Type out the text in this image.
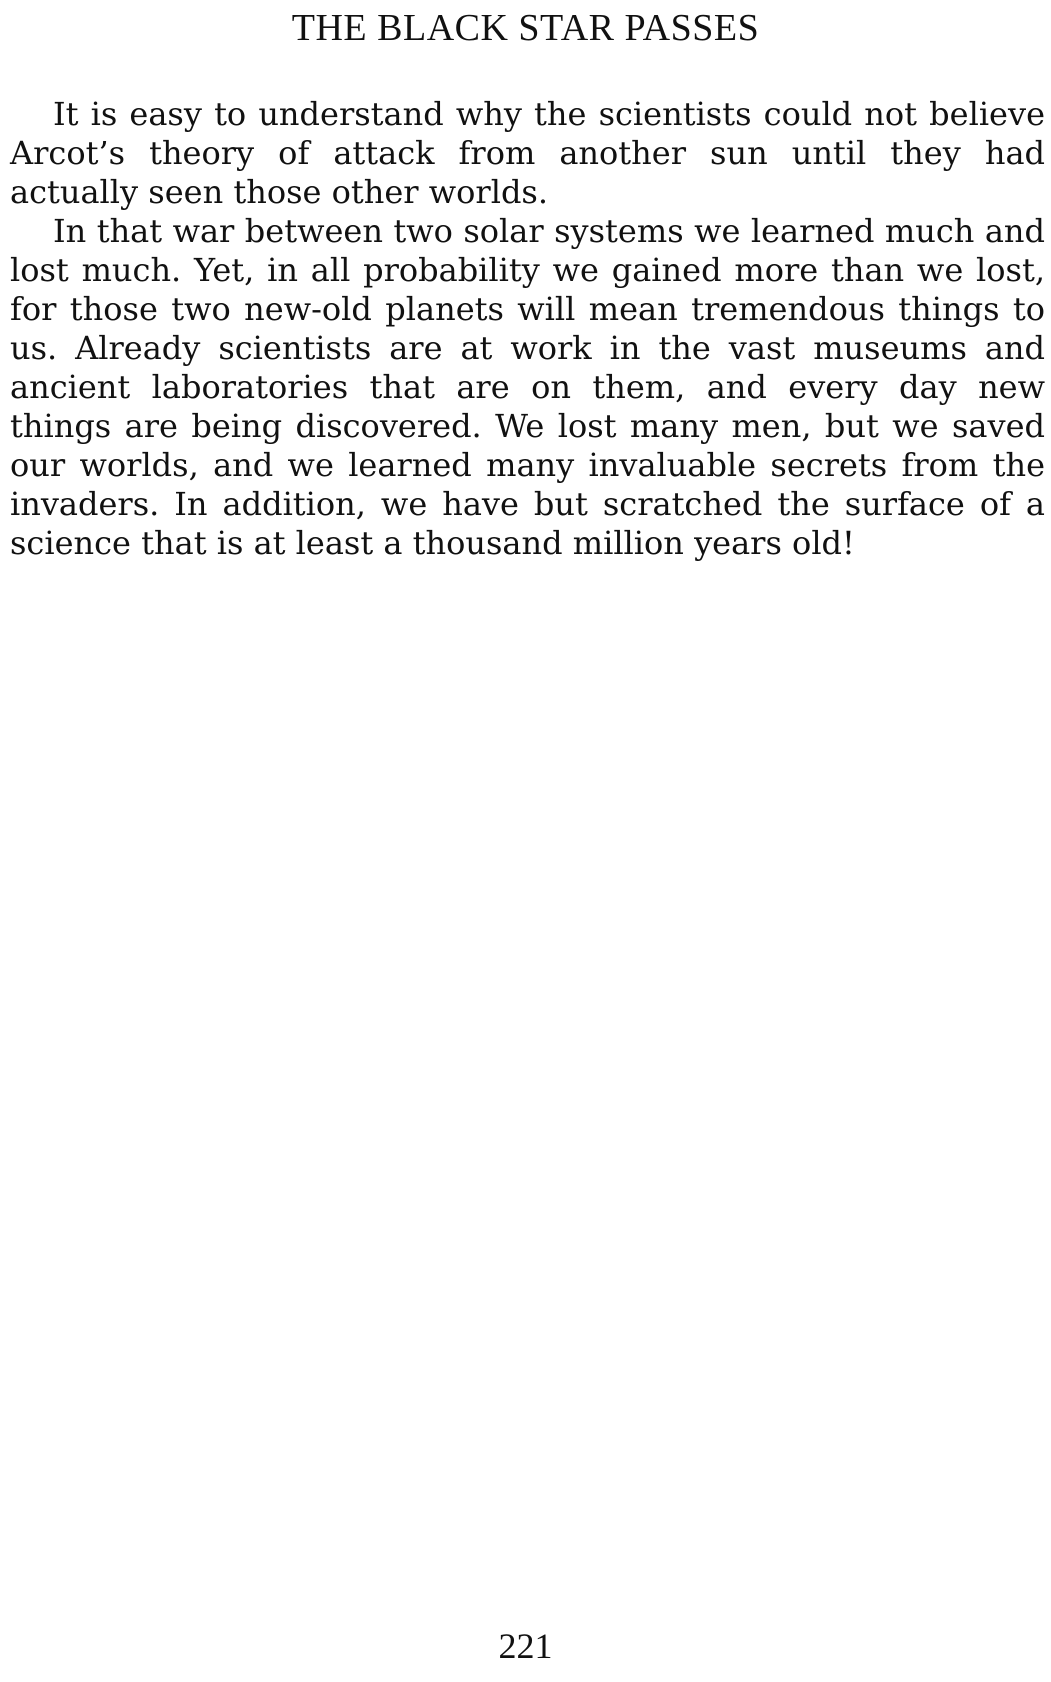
THE BLACK STAR PASSES

It is easy to understand why the scientists could not believe Arcot’s theory of attack from another sun until they had actually seen those other worlds.

In that war between two solar systems we learned much and lost much. Yet, in all probability we gained more than we lost, for those two new-old planets will mean tremendous things to us. Already scientists are at work in the vast museums and ancient laboratories that are on them, and every day new things are being discovered. We lost many men, but we saved our worlds, and we learned many invaluable secrets from the invaders. In addition, we have but scratched the surface of a science that is at least a thousand million years old!

221
